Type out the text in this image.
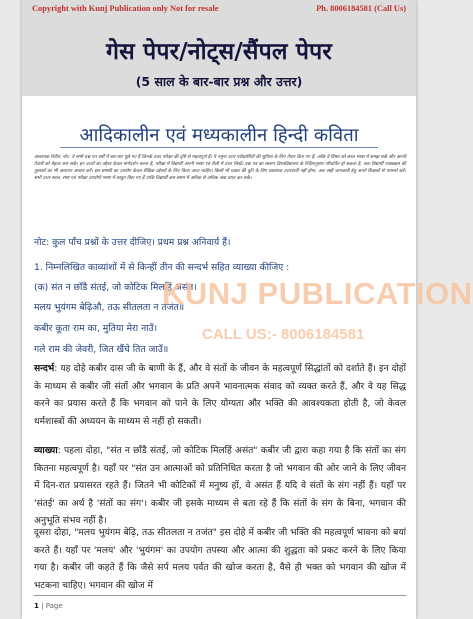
Copyright with Kunj Publication only Not for resale	Ph. 8006184581 (Call Us)
गेस पेपर/नोट्स/सैंपल पेपर
(5 साल के बार-बार प्रश्न और उत्तर)
आदिकालीन एवं मध्यकालीन हिन्दी कविता
आवश्यक निर्देश: नोट- ये सभी प्रश्न गत वर्षों में बार-बार पूछे गए हैं जिनके उत्तर परीक्षा की दृष्टि से महत्वपूर्ण हैं। ये नमूना उत्तर परीक्षार्थियों की सुविधा के लिए तैयार किए गए हैं, ताकि वे विषय को सरल भाषा में समझ सकें और अपनी तैयारी को बेहतर बना सकें। इन उत्तरों का उद्देश्य केवल मार्गदर्शन करना है, परीक्षा में विद्यार्थी अपनी भाषा एवं शैली में उत्तर लिखें। प्रश्न पत्र का स्वरूप विश्वविद्यालय के निर्देशानुसार परिवर्तित हो सकता है, अतः विद्यार्थी पाठ्यक्रम की पुस्तकों का भी अध्ययन अवश्य करें। इस सामग्री का उपयोग केवल शैक्षिक उद्देश्यों के लिए किया जाना चाहिए। किसी भी प्रकार की त्रुटि के लिए प्रकाशक उत्तरदायी नहीं होगा, अतः सही जानकारी हेतु अपने शिक्षकों से परामर्श करें। सभी उत्तर सरल, स्पष्ट एवं परीक्षा उपयोगी भाषा में प्रस्तुत किए गए हैं ताकि विद्यार्थी कम समय में अधिक से अधिक अंक प्राप्त कर सकें।
नोट: कुल पाँच प्रश्नों के उत्तर दीजिए। प्रथम प्रश्न अनिवार्य हैं।
1. निम्नलिखित काव्यांशों में से किन्हीं तीन की सन्दर्भ सहित व्याख्या कीजिए :
(क) संत न छाँडै संतई, जो कोटिक मिलहिं असंत।
मलय भुयंगम बेढ़िऔ, तऊ सीतलता न तजंत॥
कबीर कूता राम का, मुतिया मेरा नाउँ।
गले राम की जेवरी, जित खैंचे तित जाउँ॥
KUNJ PUBLICATION
CALL US:- 8006184581
सन्दर्भ: यह दोहे कबीर दास जी के बाणी के हैं, और वे संतों के जीवन के महत्वपूर्ण सिद्धांतों को दर्शाते हैं। इन दोहों के माध्यम से कबीर जी संतों और भगवान के प्रति अपने भावनात्मक संवाद को व्यक्त करते हैं, और वे यह सिद्ध करने का प्रयास करते हैं कि भगवान को पाने के लिए योग्यता और भक्ति की आवश्यकता होती है, जो केवल धर्मशास्त्रों की अध्ययन के माध्यम से नहीं हो सकती।
व्याख्या: पहला दोहा, "संत न छाँडै संतई, जो कोटिक मिलहिं असंत" कबीर जी द्वारा कहा गया है कि संतों का संग कितना महत्वपूर्ण है। यहाँ पर "संत उन आत्माओं को प्रतिनिधित करता है जो भगवान की ओर जाने के लिए जीवन में दिन-रात प्रयासरत रहते हैं। जितने भी कोटिकों में मनुष्य हों, वे असंत हैं यदि वे संतों के संग नहीं हैं। यहाँ पर 'संतई' का अर्थ है 'संतों का संग'। कबीर जी इसके माध्यम से बता रहे हैं कि संतों के संग के बिना, भगवान की अनुभूति संभव नहीं है।
दूसरा दोहा, "मलय भुयंगम बेढ़ि, तऊ सीतलता न तजंत" इस दोहे में कबीर जी भक्ति की महत्वपूर्ण भावना को बयां करते हैं। यहाँ पर 'मलय' और 'भुयंगम' का उपयोग तपस्या और आत्मा की शुद्धता को प्रकट करने के लिए किया गया है। कबीर जी कहते हैं कि जैसे सर्प मलय पर्वत की खोज करता है, वैसे ही भक्त को भगवान की खोज में भटकना चाहिए। भगवान की खोज में
1 | Page
